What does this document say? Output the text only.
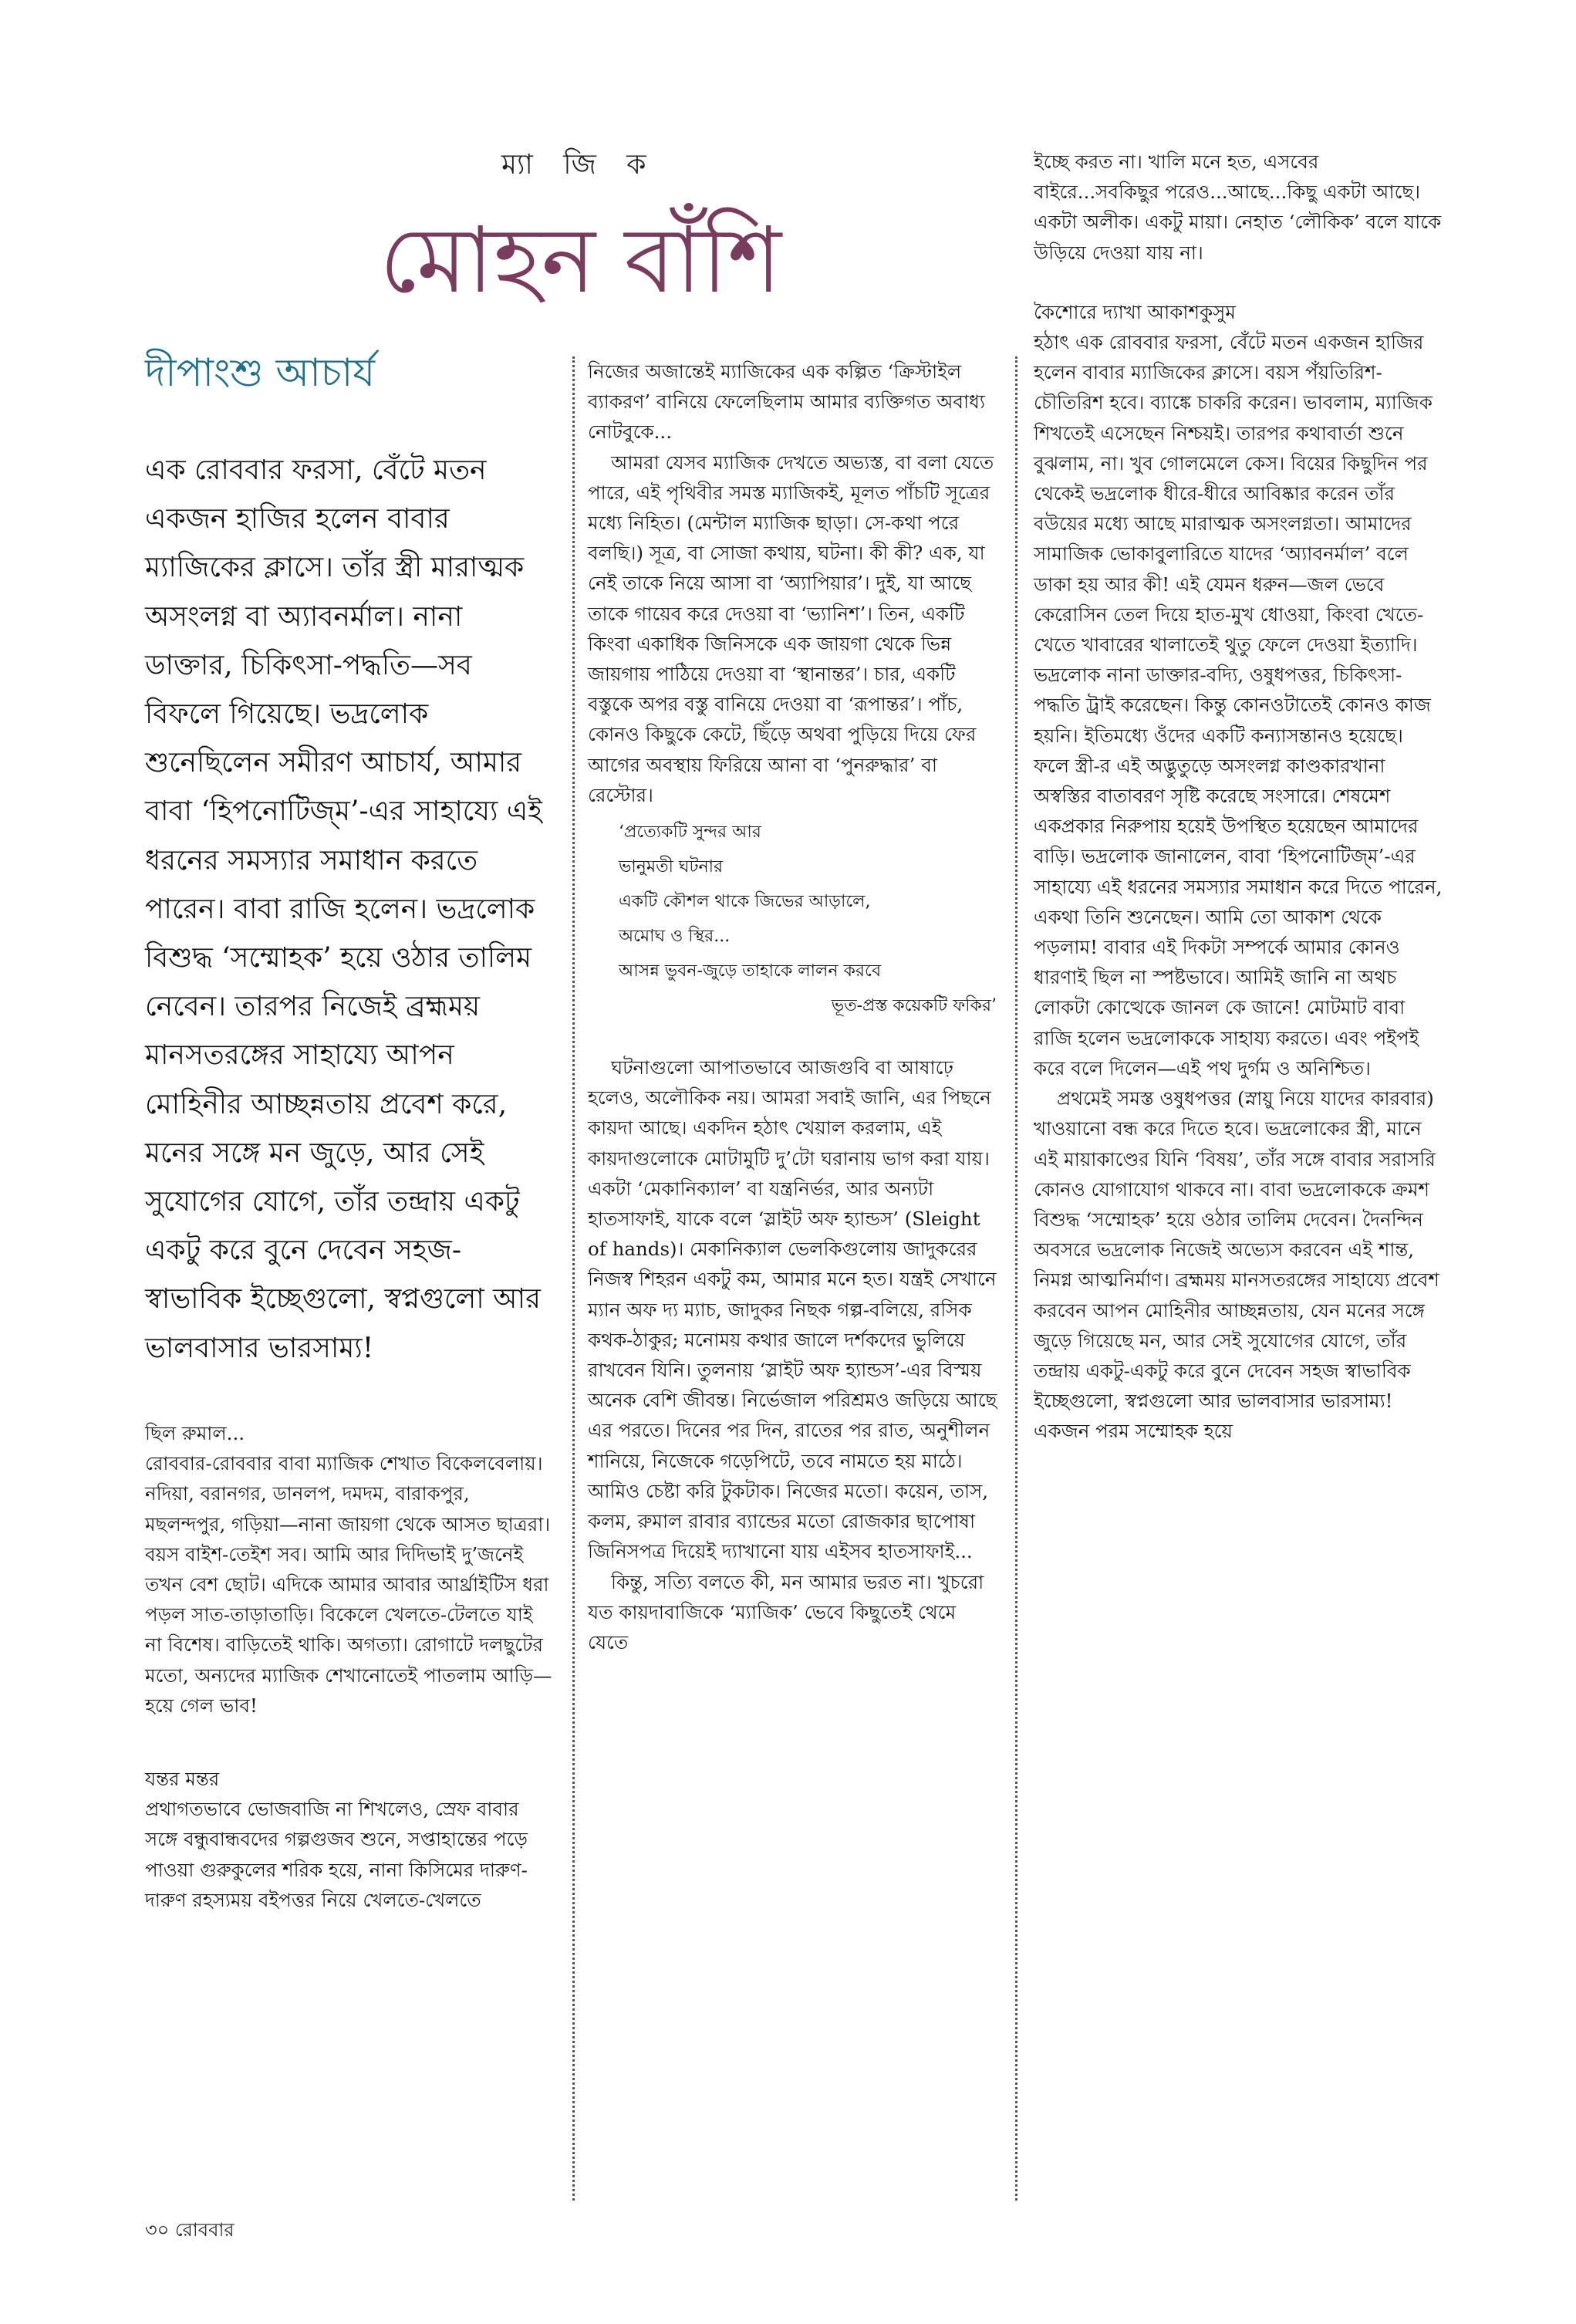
ম্যা জি ক
মোহন বাঁশি
দীপাংশু আচার্য

এক রোববার ফরসা, বেঁটে মতন একজন হাজির হলেন বাবার ম্যাজিকের ক্লাসে। তাঁর স্ত্রী মারাত্মক অসংলগ্ন বা অ্যাবনর্মাল। নানা ডাক্তার, চিকিৎসা-পদ্ধতি—সব বিফলে গিয়েছে। ভদ্রলোক শুনেছিলেন সমীরণ আচার্য, আমার বাবা ‘হিপনোটিজ্‌ম’-এর সাহায্যে এই ধরনের সমস্যার সমাধান করতে পারেন। বাবা রাজি হলেন। ভদ্রলোক বিশুদ্ধ ‘সম্মোহক’ হয়ে ওঠার তালিম নেবেন। তারপর নিজেই ব্রহ্মময় মানসতরঙ্গের সাহায্যে আপন মোহিনীর আচ্ছন্নতায় প্রবেশ করে, মনের সঙ্গে মন জুড়ে, আর সেই সুযোগের যোগে, তাঁর তন্দ্রায় একটু একটু করে বুনে দেবেন সহজ-স্বাভাবিক ইচ্ছেগুলো, স্বপ্নগুলো আর ভালবাসার ভারসাম্য!

ছিল রুমাল...

রোববার-রোববার বাবা ম্যাজিক শেখাত বিকেলবেলায়। নদিয়া, বরানগর, ডানলপ, দমদম, বারাকপুর, মছলন্দপুর, গড়িয়া—নানা জায়গা থেকে আসত ছাত্ররা। বয়স বাইশ-তেইশ সব। আমি আর দিদিভাই দু’জনেই তখন বেশ ছোট। এদিকে আমার আবার আর্থ্রাইটিস ধরা পড়ল সাত-তাড়াতাড়ি। বিকেলে খেলতে-টেলতে যাই না বিশেষ। বাড়িতেই থাকি। অগত্যা। রোগাটে দলছুটের মতো, অন্যদের ম্যাজিক শেখানোতেই পাতলাম আড়ি—হয়ে গেল ভাব!

যন্তর মন্তর

প্রথাগতভাবে ভোজবাজি না শিখলেও, স্রেফ বাবার সঙ্গে বন্ধুবান্ধবদের গল্পগুজব শুনে, সপ্তাহান্তের পড়ে পাওয়া গুরুকুলের শরিক হয়ে, নানা কিসিমের দারুণ-দারুণ রহস্যময় বইপত্তর নিয়ে খেলতে-খেলতে

নিজের অজান্তেই ম্যাজিকের এক কল্পিত ‘ক্রিস্টাইল ব্যাকরণ’ বানিয়ে ফেলেছিলাম আমার ব্যক্তিগত অবাধ্য নোটবুকে...

আমরা যেসব ম্যাজিক দেখতে অভ্যস্ত, বা বলা যেতে পারে, এই পৃথিবীর সমস্ত ম্যাজিকই, মূলত পাঁচটি সূত্রের মধ্যে নিহিত। (মেন্টাল ম্যাজিক ছাড়া। সে-কথা পরে বলছি।) সূত্র, বা সোজা কথায়, ঘটনা। কী কী? এক, যা নেই তাকে নিয়ে আসা বা ‘অ্যাপিয়ার’। দুই, যা আছে তাকে গায়েব করে দেওয়া বা ‘ভ্যানিশ’। তিন, একটি কিংবা একাধিক জিনিসকে এক জায়গা থেকে ভিন্ন জায়গায় পাঠিয়ে দেওয়া বা ‘স্থানান্তর’। চার, একটি বস্তুকে অপর বস্তু বানিয়ে দেওয়া বা ‘রূপান্তর’। পাঁচ, কোনও কিছুকে কেটে, ছিঁড়ে অথবা পুড়িয়ে দিয়ে ফের আগের অবস্থায় ফিরিয়ে আনা বা ‘পুনরুদ্ধার’ বা রেস্টোর।

‘প্রত্যেকটি সুন্দর আর
ভানুমতী ঘটনার
একটি কৌশল থাকে জিভের আড়ালে,
অমোঘ ও স্থির...
আসন্ন ভুবন-জুড়ে তাহাকে লালন করবে
ভূত-প্রস্ত কয়েকটি ফকির’

ঘটনাগুলো আপাতভাবে আজগুবি বা আষাঢ়ে হলেও, অলৌকিক নয়। আমরা সবাই জানি, এর পিছনে কায়দা আছে। একদিন হঠাৎ খেয়াল করলাম, এই কায়দাগুলোকে মোটামুটি দু’টো ঘরানায় ভাগ করা যায়। একটা ‘মেকানিক্যাল’ বা যন্ত্রনির্ভর, আর অন্যটা হাতসাফাই, যাকে বলে ‘স্লাইট অফ হ্যান্ডস’ (Sleight of hands)। মেকানিক্যাল ভেলকিগুলোয় জাদুকরের নিজস্ব শিহরন একটু কম, আমার মনে হত। যন্ত্রই সেখানে ম্যান অফ দ্য ম্যাচ, জাদুকর নিছক গল্প-বলিয়ে, রসিক কথক-ঠাকুর; মনোময় কথার জালে দর্শকদের ভুলিয়ে রাখবেন যিনি। তুলনায় ‘স্লাইট অফ হ্যান্ডস’-এর বিস্ময় অনেক বেশি জীবন্ত। নির্ভেজাল পরিশ্রমও জড়িয়ে আছে এর পরতে। দিনের পর দিন, রাতের পর রাত, অনুশীলন শানিয়ে, নিজেকে গড়েপিটে, তবে নামতে হয় মাঠে। আমিও চেষ্টা করি টুকটাক। নিজের মতো। কয়েন, তাস, কলম, রুমাল রাবার ব্যান্ডের মতো রোজকার ছাপোষা জিনিসপত্র দিয়েই দ্যাখানো যায় এইসব হাতসাফাই...

কিন্তু, সত্যি বলতে কী, মন আমার ভরত না। খুচরো যত কায়দাবাজিকে ‘ম্যাজিক’ ভেবে কিছুতেই থেমে যেতে

ইচ্ছে করত না। খালি মনে হত, এসবের বাইরে...সবকিছুর পরেও...আছে...কিছু একটা আছে। একটা অলীক। একটু মায়া। নেহাত ‘লৌকিক’ বলে যাকে উড়িয়ে দেওয়া যায় না।

কৈশোরে দ্যাখা আকাশকুসুম

হঠাৎ এক রোববার ফরসা, বেঁটে মতন একজন হাজির হলেন বাবার ম্যাজিকের ক্লাসে। বয়স পঁয়তিরিশ-চৌতিরিশ হবে। ব্যাঙ্কে চাকরি করেন। ভাবলাম, ম্যাজিক শিখতেই এসেছেন নিশ্চয়ই। তারপর কথাবার্তা শুনে বুঝলাম, না। খুব গোলমেলে কেস। বিয়ের কিছুদিন পর থেকেই ভদ্রলোক ধীরে-ধীরে আবিষ্কার করেন তাঁর বউয়ের মধ্যে আছে মারাত্মক অসংলগ্নতা। আমাদের সামাজিক ভোকাবুলারিতে যাদের ‘অ্যাবনর্মাল’ বলে ডাকা হয় আর কী! এই যেমন ধরুন—জল ভেবে কেরোসিন তেল দিয়ে হাত-মুখ ধোওয়া, কিংবা খেতে-খেতে খাবারের থালাতেই থুতু ফেলে দেওয়া ইত্যাদি। ভদ্রলোক নানা ডাক্তার-বদ্যি, ওষুধপত্তর, চিকিৎসা-পদ্ধতি ট্রাই করেছেন। কিন্তু কোনওটাতেই কোনও কাজ হয়নি। ইতিমধ্যে ওঁদের একটি কন্যাসন্তানও হয়েছে। ফলে স্ত্রী-র এই অদ্ভুতুড়ে অসংলগ্ন কাণ্ডকারখানা অস্বস্তির বাতাবরণ সৃষ্টি করেছে সংসারে। শেষমেশ একপ্রকার নিরুপায় হয়েই উপস্থিত হয়েছেন আমাদের বাড়ি। ভদ্রলোক জানালেন, বাবা ‘হিপনোটিজ্‌ম’-এর সাহায্যে এই ধরনের সমস্যার সমাধান করে দিতে পারেন, একথা তিনি শুনেছেন। আমি তো আকাশ থেকে পড়লাম! বাবার এই দিকটা সম্পর্কে আমার কোনও ধারণাই ছিল না স্পষ্টভাবে। আমিই জানি না অথচ লোকটা কোত্থেকে জানল কে জানে! মোটমাট বাবা রাজি হলেন ভদ্রলোককে সাহায্য করতে। এবং পইপই করে বলে দিলেন—এই পথ দুর্গম ও অনিশ্চিত।

প্রথমেই সমস্ত ওষুধপত্তর (স্নায়ু নিয়ে যাদের কারবার) খাওয়ানো বন্ধ করে দিতে হবে। ভদ্রলোকের স্ত্রী, মানে এই মায়াকাণ্ডের যিনি ‘বিষয়’, তাঁর সঙ্গে বাবার সরাসরি কোনও যোগাযোগ থাকবে না। বাবা ভদ্রলোককে ক্রমশ বিশুদ্ধ ‘সম্মোহক’ হয়ে ওঠার তালিম দেবেন। দৈনন্দিন অবসরে ভদ্রলোক নিজেই অভ্যেস করবেন এই শান্ত, নিমগ্ন আত্মনির্মাণ। ব্রহ্মময় মানসতরঙ্গের সাহায্যে প্রবেশ করবেন আপন মোহিনীর আচ্ছন্নতায়, যেন মনের সঙ্গে জুড়ে গিয়েছে মন, আর সেই সুযোগের যোগে, তাঁর তন্দ্রায় একটু-একটু করে বুনে দেবেন সহজ স্বাভাবিক ইচ্ছেগুলো, স্বপ্নগুলো আর ভালবাসার ভারসাম্য! একজন পরম সম্মোহক হয়ে

৩০ রোববার
